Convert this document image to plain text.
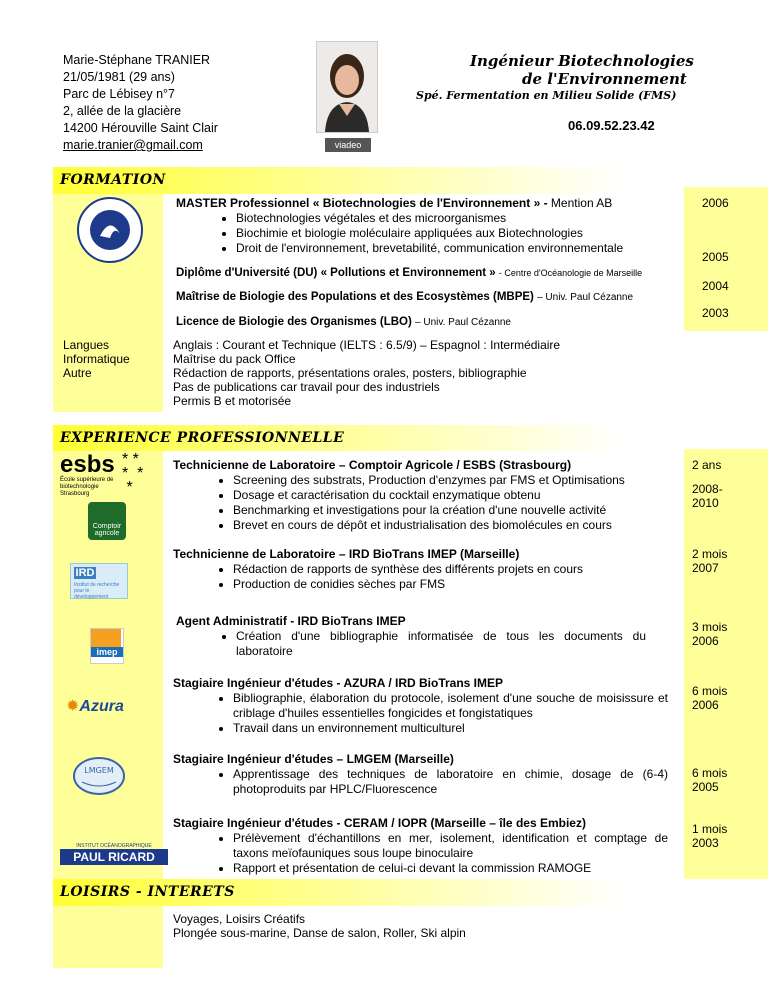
Marie-Stéphane TRANIER
21/05/1981 (29 ans)
Parc de Lébisey n°7
2, allée de la glacière
14200 Hérouville Saint Clair
marie.tranier@gmail.com	viadeo
Ingénieur Biotechnologies
de l'Environnement
Spé. Fermentation en Milieu Solide (FMS)
06.09.52.23.42
FORMATION
MASTER Professionnel « Biotechnologies de l'Environnement » - Mention AB
• Biotechnologies végétales et des microorganismes
• Biochimie et biologie moléculaire appliquées aux Biotechnologies
• Droit de l'environnement, brevetabilité, communication environnementale
Diplôme d'Université (DU) « Pollutions et Environnement » - Centre d'Océanologie de Marseille
Maîtrise de Biologie des Populations et des Ecosystèmes (MBPE) – Univ. Paul Cézanne
Licence de Biologie des Organismes (LBO) – Univ. Paul Cézanne
2006
2005
2004
2003
Langues
Informatique
Autre
Anglais : Courant et Technique (IELTS : 6.5/9) – Espagnol : Intermédiaire
Maîtrise du pack Office
Rédaction de rapports, présentations orales, posters, bibliographie
Pas de publications car travail pour des industriels
Permis B et motorisée
EXPERIENCE PROFESSIONNELLE
esbs
École supérieure de biotechnologie Strasbourg
* *
*  *
*
Comptoir agricole
IRD
Institut de recherche pour le développement
imep
✹Azura
LMGEM
INSTITUT OCÉANOGRAPHIQUE
PAUL RICARD
Technicienne de Laboratoire – Comptoir Agricole / ESBS (Strasbourg)
• Screening des substrats, Production d'enzymes par FMS et Optimisations
• Dosage et caractérisation du cocktail enzymatique obtenu
• Benchmarking et investigations pour la création d'une nouvelle activité
• Brevet en cours de dépôt et industrialisation des biomolécules en cours
2 ans
2008-2010
Technicienne de Laboratoire – IRD BioTrans IMEP (Marseille)
• Rédaction de rapports de synthèse des différents projets en cours
• Production de conidies sèches par FMS
2 mois
2007
Agent Administratif - IRD BioTrans IMEP
• Création d'une bibliographie informatisée de tous les documents du laboratoire
3 mois
2006
Stagiaire Ingénieur d'études - AZURA / IRD BioTrans IMEP
• Bibliographie, élaboration du protocole, isolement d'une souche de moisissure et criblage d'huiles essentielles fongicides et fongistatiques
• Travail dans un environnement multiculturel
6 mois
2006
Stagiaire Ingénieur d'études – LMGEM (Marseille)
• Apprentissage des techniques de laboratoire en chimie, dosage de (6-4) photoproduits par HPLC/Fluorescence
6 mois
2005
Stagiaire Ingénieur d'études - CERAM / IOPR (Marseille – île des Embiez)
• Prélèvement d'échantillons en mer, isolement, identification et comptage de taxons meïofauniques sous loupe binoculaire
• Rapport et présentation de celui-ci devant la commission RAMOGE
1 mois
2003
LOISIRS - INTERETS
Voyages, Loisirs Créatifs
Plongée sous-marine, Danse de salon, Roller, Ski alpin
